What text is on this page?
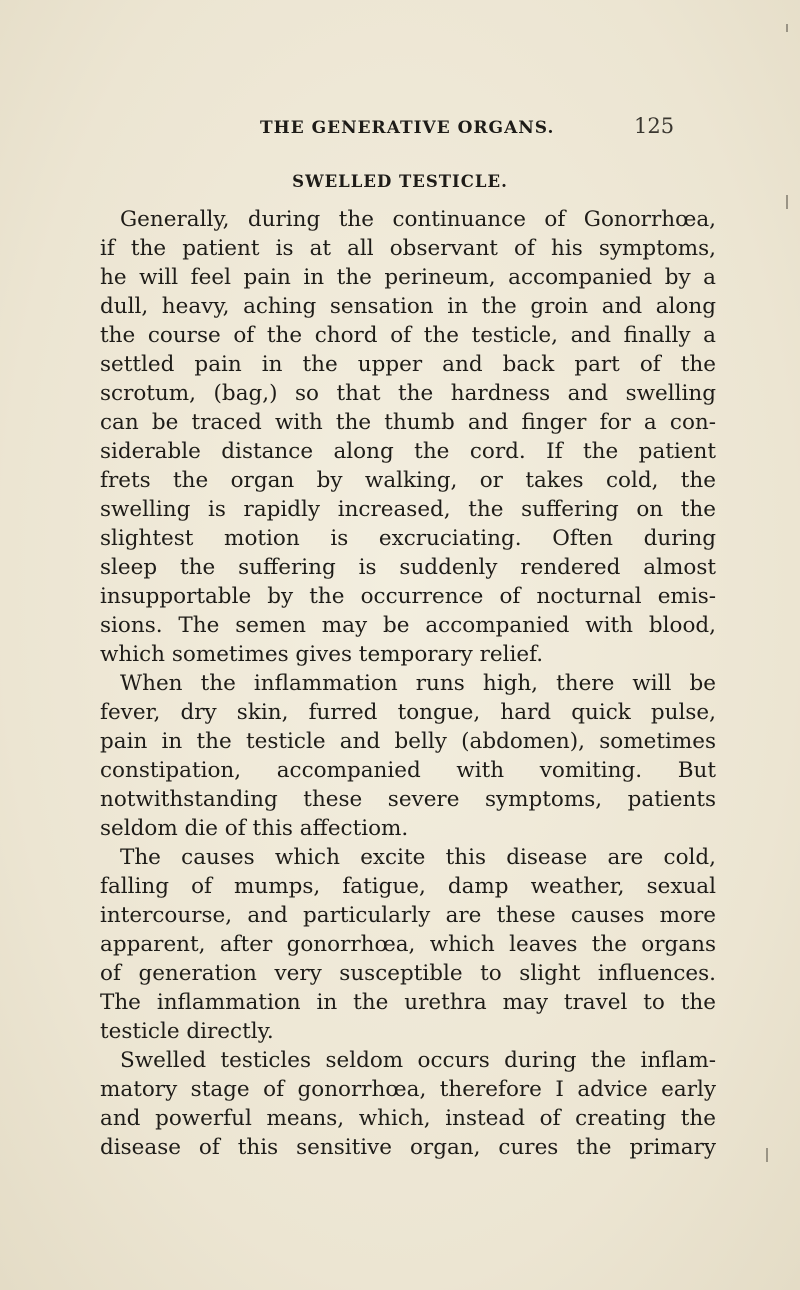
THE GENERATIVE ORGANS.	125
SWELLED TESTICLE.
Generally, during the continuance of Gonorrhœa,
if the patient is at all observant of his symptoms,
he will feel pain in the perineum, accompanied by a
dull, heavy, aching sensation in the groin and along
the course of the chord of the testicle, and finally a
settled pain in the upper and back part of the
scrotum, (bag,) so that the hardness and swelling
can be traced with the thumb and finger for a con-
siderable distance along the cord. If the patient
frets the organ by walking, or takes cold, the
swelling is rapidly increased, the suffering on the
slightest motion is excruciating. Often during
sleep the suffering is suddenly rendered almost
insupportable by the occurrence of nocturnal emis-
sions. The semen may be accompanied with blood,
which sometimes gives temporary relief.
When the inflammation runs high, there will be
fever, dry skin, furred tongue, hard quick pulse,
pain in the testicle and belly (abdomen), sometimes
constipation, accompanied with vomiting. But
notwithstanding these severe symptoms, patients
seldom die of this affectiom.
The causes which excite this disease are cold,
falling of mumps, fatigue, damp weather, sexual
intercourse, and particularly are these causes more
apparent, after gonorrhœa, which leaves the organs
of generation very susceptible to slight influences.
The inflammation in the urethra may travel to the
testicle directly.
Swelled testicles seldom occurs during the inflam-
matory stage of gonorrhœa, therefore I advice early
and powerful means, which, instead of creating the
disease of this sensitive organ, cures the primary
